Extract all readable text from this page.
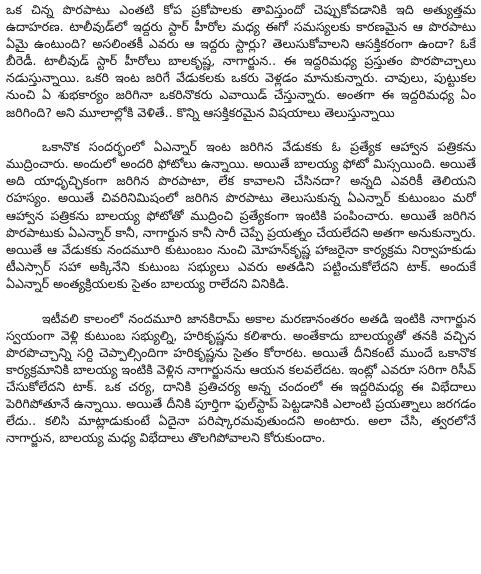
ఒక చిన్న పొరపాటు ఎంతటి కోప ప్రకోపాలకు తావిస్తుందో చెప్పుకోవడానికి ఇది అత్యుత్తమ ఉదాహరణ. టాలీవుడ్‌లో ఇద్దరు స్టార్ హీరోల మధ్య ఈగో సమస్యలకు కారణమైన ఆ పొరపాటు ఏమై ఉంటుంది? అసలింతకీ ఎవరు ఆ ఇద్దరు స్టార్లు? తెలుసుకోవాలని ఆసక్తికరంగా ఉందా? ఓకే బీరెడీ. టాలీవుడ్ స్టార్ హీరోలు బాలకృష్ణ, నాగార్జున.. ఈ ఇద్దరిమధ్య ప్రస్తుతం పొరపొచ్చాలు నడుస్తున్నాయి. ఒకరి ఇంట జరిగే వేడుకలకు ఒకరు వెళ్లడం మానుకున్నారు. చావులు, పుట్టుకల నుంచి ఏ శుభకార్యం జరిగినా ఒకరినొకరు ఎవాయిడ్ చేస్తున్నారు. అంతగా ఈ ఇద్దరిమధ్య ఏం జరిగింది? అని మూలాల్లోకి వెళితే.. కొన్ని ఆసక్తికరమైన విషయాలు తెలుస్తున్నాయి

ఒకానొక సందర్భంలో ఏఎన్నార్ ఇంట జరిగిన వేడుకకు ఓ ప్రత్యేక ఆహ్వాన పత్రికను ముద్రించారు. అందులో అందరి ఫోటోలు ఉన్నాయి. అయితే బాలయ్య ఫోటో మిస్సయింది. అయితే అది యాధృచ్ఛికంగా జరిగిన పొరపాటా, లేక కావాలని చేసినదా? అన్నది ఎవరికీ తెలియని రహస్యం. అయితే చివరినిమిషంలో జరిగిన పొరపాటు తెలుసుకున్న ఏఎన్నార్ కుటుంబం మరో ఆహ్వాన పత్రికను బాలయ్య ఫోటోతో ముద్రించి ప్రత్యేకంగా ఇంటికి పంపించారు. అయితే జరిగిన పొరపాటుకు ఏఎన్నార్ కానీ, నాగార్జున కానీ సారీ చెప్పే ప్రయత్నం చేయలేదని అతగా అనుకున్నారు. అయితే ఆ వేడుకకు నందమూరి కుటుంబం నుంచి మోహన్‌కృష్ణ హాజరైనా కార్యక్రమ నిర్వాహకుడు టీఎస్సార్ సహా అక్కినేని కుటుంబ సభ్యులు ఎవరు అతడిని పట్టించుకోలేదని టాక్. అందుకే ఏఎన్నార్ అంత్యక్రియలకు సైతం బాలయ్య రాలేదని వినికిడి.

ఇటీవలి కాలంలో నందమూరి జానకిరామ్ అకాల మరణానంతరం అతడి ఇంటికి నాగార్జున స్వయంగా వెళ్లి కుటుంబ సభ్యుల్ని, హరికృష్ణను కలిశారు. అంతేకాదు బాలయ్యతో తనకి వచ్చిన పొరపొచ్చాన్ని సర్ది చెప్పాల్సిందిగా హరికృష్ణను సైతం కోరారట. అయితే దీనికంటే ముందే ఒకానొక కార్యక్రమానికి బాలయ్య ఇంటికి వెళ్లిన నాగార్జునను ఆయన కలవలేదట. ఇంట్లో ఎవరూ సరిగా రిసీవ్ చేసుకోలేదని టాక్. ఒక చర్య, దానికి ప్రతిచర్య అన్న చందంలో ఈ ఇద్దరిమధ్య ఈ విభేదాలు పెరిగిపోతూనే ఉన్నాయి. అయితే దీనికి పూర్తిగా ఫుల్‌స్టాప్ పెట్టడానికి ఎలాంటి ప్రయత్నాలు జరగడం లేదు.. కలిసి మాట్లాడుకుంటే ఏదైనా పరిష్కారమవుతుందని అంటారు. అలా చేసి, త్వరలోనే నాగార్జున, బాలయ్య మధ్య విభేదాలు తొలగిపోవాలని కోరుకుందాం.
